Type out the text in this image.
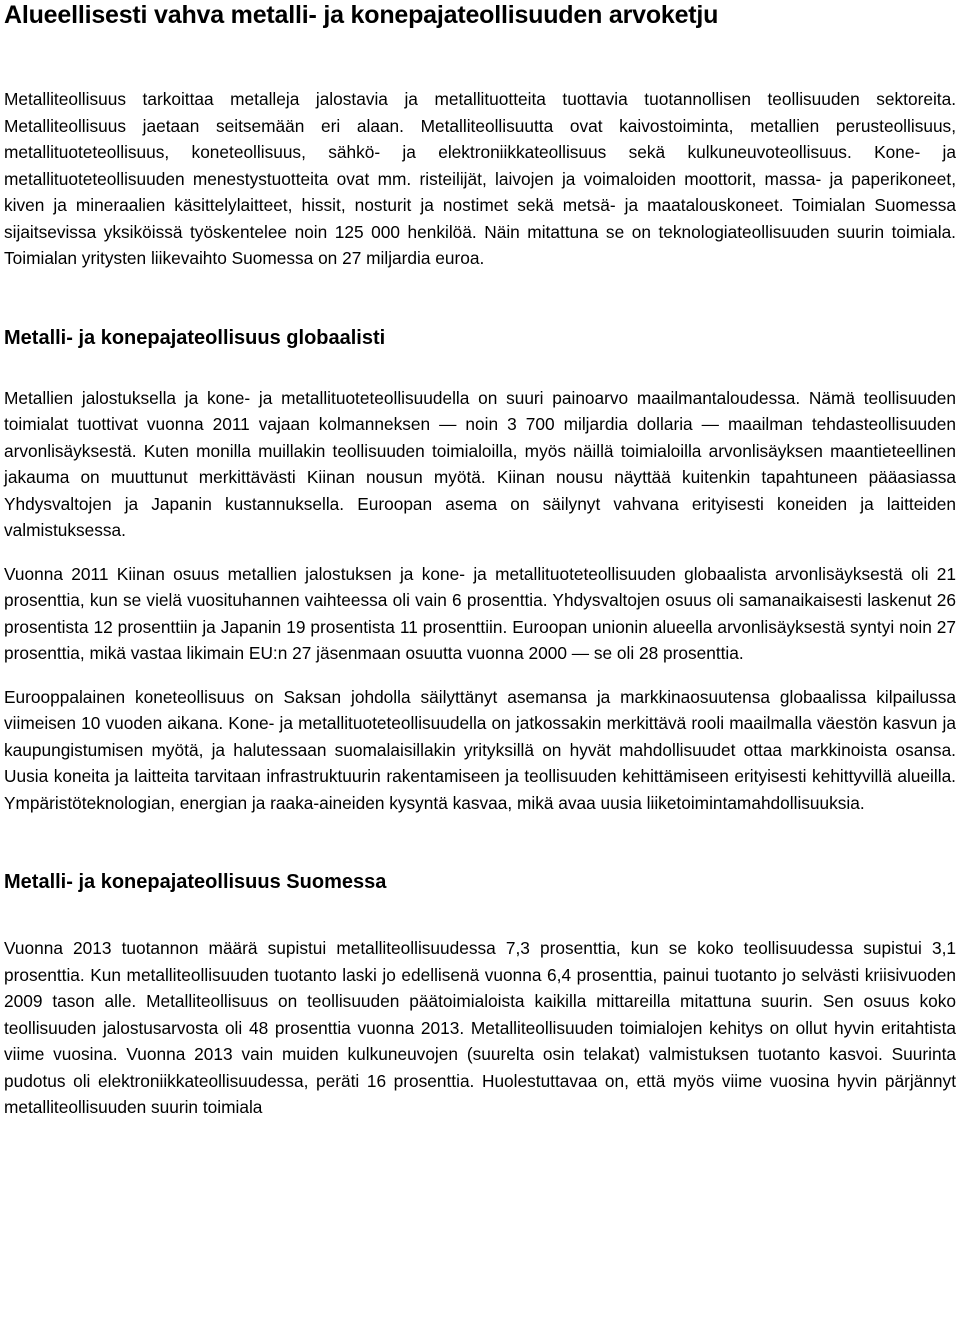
Alueellisesti vahva metalli- ja konepajateollisuuden arvoketju

Metalliteollisuus tarkoittaa metalleja jalostavia ja metallituotteita tuottavia tuotannollisen teollisuuden sektoreita. Metalliteollisuus jaetaan seitsemään eri alaan. Metalliteollisuutta ovat kaivostoiminta, metallien perusteollisuus, metallituoteteollisuus, koneteollisuus, sähkö- ja elektroniikkateollisuus sekä kulkuneuvoteollisuus. Kone- ja metallituoteteollisuuden menestystuotteita ovat mm. risteilijät, laivojen ja voimaloiden moottorit, massa- ja paperikoneet, kiven ja mineraalien käsittelylaitteet, hissit, nosturit ja nostimet sekä metsä- ja maatalouskoneet. Toimialan Suomessa sijaitsevissa yksiköissä työskentelee noin 125 000 henkilöä. Näin mitattuna se on teknologiateollisuuden suurin toimiala. Toimialan yritysten liikevaihto Suomessa on 27 miljardia euroa.

Metalli- ja konepajateollisuus globaalisti

Metallien jalostuksella ja kone- ja metallituoteteollisuudella on suuri painoarvo maailmantaloudessa. Nämä teollisuuden toimialat tuottivat vuonna 2011 vajaan kolmanneksen — noin 3 700 miljardia dollaria — maailman tehdasteollisuuden arvonlisäyksestä. Kuten monilla muillakin teollisuuden toimialoilla, myös näillä toimialoilla arvonlisäyksen maantieteellinen jakauma on muuttunut merkittävästi Kiinan nousun myötä. Kiinan nousu näyttää kuitenkin tapahtuneen pääasiassa Yhdysvaltojen ja Japanin kustannuksella. Euroopan asema on säilynyt vahvana erityisesti koneiden ja laitteiden valmistuksessa.

Vuonna 2011 Kiinan osuus metallien jalostuksen ja kone- ja metallituoteteollisuuden globaalista arvonlisäyksestä oli 21 prosenttia, kun se vielä vuosituhannen vaihteessa oli vain 6 prosenttia. Yhdysvaltojen osuus oli samanaikaisesti laskenut 26 prosentista 12 prosenttiin ja Japanin 19 prosentista 11 prosenttiin. Euroopan unionin alueella arvonlisäyksestä syntyi noin 27 prosenttia, mikä vastaa likimain EU:n 27 jäsenmaan osuutta vuonna 2000 — se oli 28 prosenttia.

Eurooppalainen koneteollisuus on Saksan johdolla säilyttänyt asemansa ja markkinaosuutensa globaalissa kilpailussa viimeisen 10 vuoden aikana. Kone- ja metallituoteteollisuudella on jatkossakin merkittävä rooli maailmalla väestön kasvun ja kaupungistumisen myötä, ja halutessaan suomalaisillakin yrityksillä on hyvät mahdollisuudet ottaa markkinoista osansa. Uusia koneita ja laitteita tarvitaan infrastruktuurin rakentamiseen ja teollisuuden kehittämiseen erityisesti kehittyvillä alueilla. Ympäristöteknologian, energian ja raaka-aineiden kysyntä kasvaa, mikä avaa uusia liiketoimintamahdollisuuksia.

Metalli- ja konepajateollisuus Suomessa

Vuonna 2013 tuotannon määrä supistui metalliteollisuudessa 7,3 prosenttia, kun se koko teollisuudessa supistui 3,1 prosenttia. Kun metalliteollisuuden tuotanto laski jo edellisenä vuonna 6,4 prosenttia, painui tuotanto jo selvästi kriisivuoden 2009 tason alle. Metalliteollisuus on teollisuuden päätoimialoista kaikilla mittareilla mitattuna suurin. Sen osuus koko teollisuuden jalostusarvosta oli 48 prosenttia vuonna 2013. Metalliteollisuuden toimialojen kehitys on ollut hyvin eritahtista viime vuosina. Vuonna 2013 vain muiden kulkuneuvojen (suurelta osin telakat) valmistuksen tuotanto kasvoi. Suurinta pudotus oli elektroniikkateollisuudessa, peräti 16 prosenttia. Huolestuttavaa on, että myös viime vuosina hyvin pärjännyt metalliteollisuuden suurin toimiala
